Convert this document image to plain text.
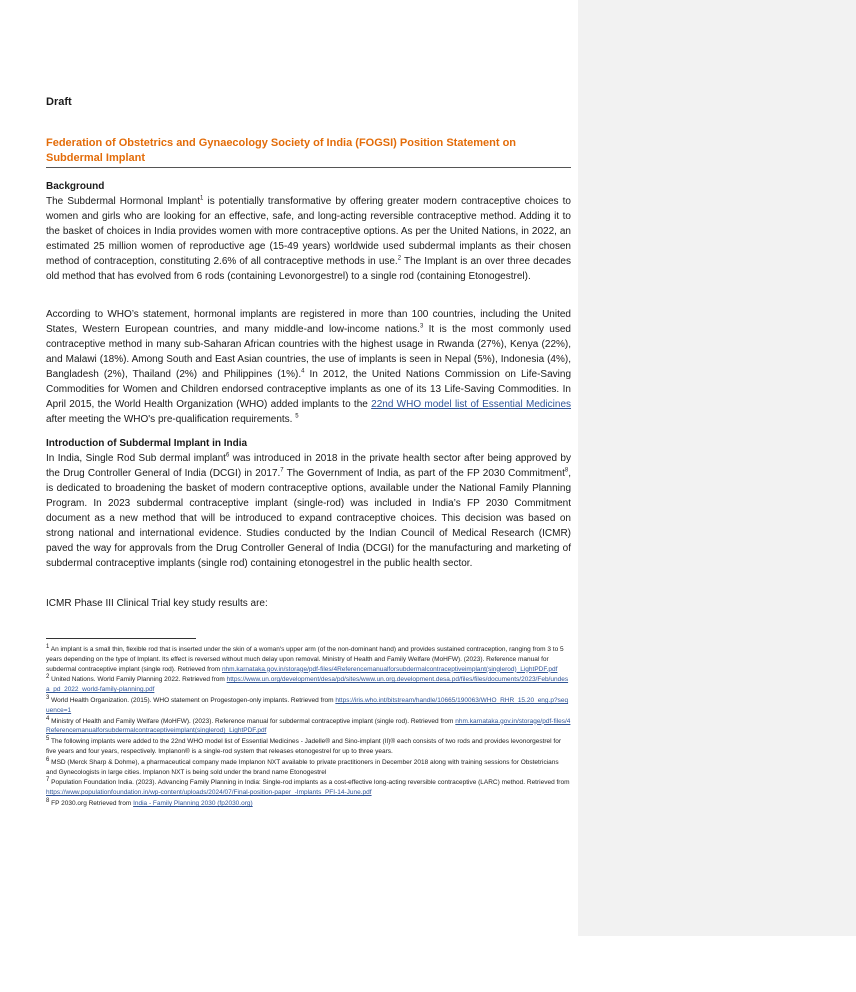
Draft
Federation of Obstetrics and Gynaecology Society of India (FOGSI) Position Statement on Subdermal Implant

Background

The Subdermal Hormonal Implant$^1$ is potentially transformative by offering greater modern contraceptive choices to women and girls who are looking for an effective, safe, and long-acting reversible contraceptive method. Adding it to the basket of choices in India provides women with more contraceptive options. As per the United Nations, in 2022, an estimated 25 million women of reproductive age (15-49 years) worldwide used subdermal implants as their chosen method of contraception, constituting 2.6% of all contraceptive methods in use.$^2$ The Implant is an over three decades old method that has evolved from 6 rods (containing Levonorgestrel) to a single rod (containing Etonogestrel).

According to WHO’s statement, hormonal implants are registered in more than 100 countries, including the United States, Western European countries, and many middle-and low-income nations.$^3$ It is the most commonly used contraceptive method in many sub-Saharan African countries with the highest usage in Rwanda (27%), Kenya (22%), and Malawi (18%). Among South and East Asian countries, the use of implants is seen in Nepal (5%), Indonesia (4%), Bangladesh (2%), Thailand (2%) and Philippines (1%).$^4$ In 2012, the United Nations Commission on Life-Saving Commodities for Women and Children endorsed contraceptive implants as one of its 13 Life-Saving Commodities. In April 2015, the World Health Organization (WHO) added implants to the 22nd WHO model list of Essential Medicines after meeting the WHO's pre-qualification requirements. $^5$

Introduction of Subdermal Implant in India

In India, Single Rod Sub dermal implant$^6$ was introduced in 2018 in the private health sector after being approved by the Drug Controller General of India (DCGI) in 2017.$^7$ The Government of India, as part of the FP 2030 Commitment$^8$, is dedicated to broadening the basket of modern contraceptive options, available under the National Family Planning Program. In 2023 subdermal contraceptive implant (single-rod) was included in India’s FP 2030 Commitment document as a new method that will be introduced to expand contraceptive choices. This decision was based on strong national and international evidence. Studies conducted by the Indian Council of Medical Research (ICMR) paved the way for approvals from the Drug Controller General of India (DCGI) for the manufacturing and marketing of subdermal contraceptive implants (single rod) containing etonogestrel in the public health sector.

ICMR Phase III Clinical Trial key study results are:

$^1$ An implant is a small thin, flexible rod that is inserted under the skin of a woman's upper arm (of the non-dominant hand) and provides sustained contraception, ranging from 3 to 5 years depending on the type of Implant. Its effect is reversed without much delay upon removal. Ministry of Health and Family Welfare (MoHFW). (2023). Reference manual for subdermal contraceptive implant (single rod). Retrieved from nhm.karnataka.gov.in/storage/pdf-files/4Referencemanualforsubdermalcontraceptiveimplant(singlerod)_LightPDF.pdf

$^2$ United Nations. World Family Planning 2022. Retrieved from https://www.un.org/development/desa/pd/sites/www.un.org.development.desa.pd/files/files/documents/2023/Feb/undesa_pd_2022_world-family-planning.pdf

$^3$ World Health Organization. (2015). WHO statement on Progestogen-only implants. Retrieved from https://iris.who.int/bitstream/handle/10665/190063/WHO_RHR_15.20_eng.p?sequence=1

$^4$ Ministry of Health and Family Welfare (MoHFW). (2023). Reference manual for subdermal contraceptive implant (single rod). Retrieved from nhm.karnataka.gov.in/storage/pdf-files/4Referencemanualforsubdermalcontraceptiveimplant(singlerod)_LightPDF.pdf

$^5$ The following implants were added to the 22nd WHO model list of Essential Medicines - Jadelle® and Sino-implant (II)® each consists of two rods and provides levonorgestrel for five years and four years, respectively. Implanon® is a single-rod system that releases etonogestrel for up to three years.

$^6$ MSD (Merck Sharp & Dohme), a pharmaceutical company made Implanon NXT available to private practitioners in December 2018 along with training sessions for Obstetricians and Gynecologists in large cities. Implanon NXT is being sold under the brand name Etonogestrel

$^7$ Population Foundation India. (2023). Advancing Family Planning in India: Single-rod implants as a cost-effective long-acting reversible contraceptive (LARC) method. Retrieved from https://www.populationfoundation.in/wp-content/uploads/2024/07/Final-position-paper_-Implants_PFI-14-June.pdf

$^8$ FP 2030.org Retrieved from India - Family Planning 2030 (fp2030.org)
